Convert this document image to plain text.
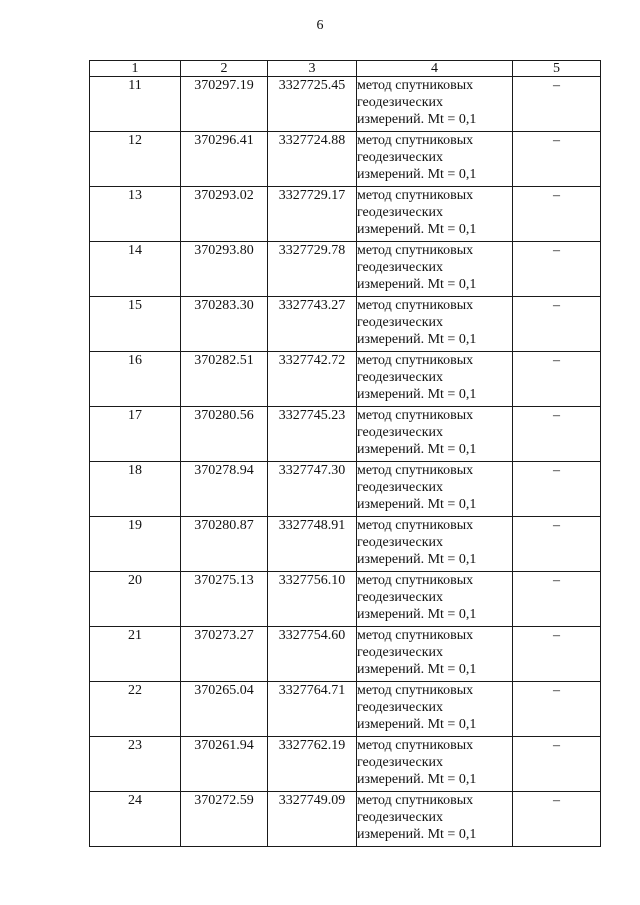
6
1	2	3	4	5
11	370297.19	3327725.45	метод спутниковых
геодезических
измерений. Mt = 0,1	–
12	370296.41	3327724.88	метод спутниковых
геодезических
измерений. Mt = 0,1	–
13	370293.02	3327729.17	метод спутниковых
геодезических
измерений. Mt = 0,1	–
14	370293.80	3327729.78	метод спутниковых
геодезических
измерений. Mt = 0,1	–
15	370283.30	3327743.27	метод спутниковых
геодезических
измерений. Mt = 0,1	–
16	370282.51	3327742.72	метод спутниковых
геодезических
измерений. Mt = 0,1	–
17	370280.56	3327745.23	метод спутниковых
геодезических
измерений. Mt = 0,1	–
18	370278.94	3327747.30	метод спутниковых
геодезических
измерений. Mt = 0,1	–
19	370280.87	3327748.91	метод спутниковых
геодезических
измерений. Mt = 0,1	–
20	370275.13	3327756.10	метод спутниковых
геодезических
измерений. Mt = 0,1	–
21	370273.27	3327754.60	метод спутниковых
геодезических
измерений. Mt = 0,1	–
22	370265.04	3327764.71	метод спутниковых
геодезических
измерений. Mt = 0,1	–
23	370261.94	3327762.19	метод спутниковых
геодезических
измерений. Mt = 0,1	–
24	370272.59	3327749.09	метод спутниковых
геодезических
измерений. Mt = 0,1	–
